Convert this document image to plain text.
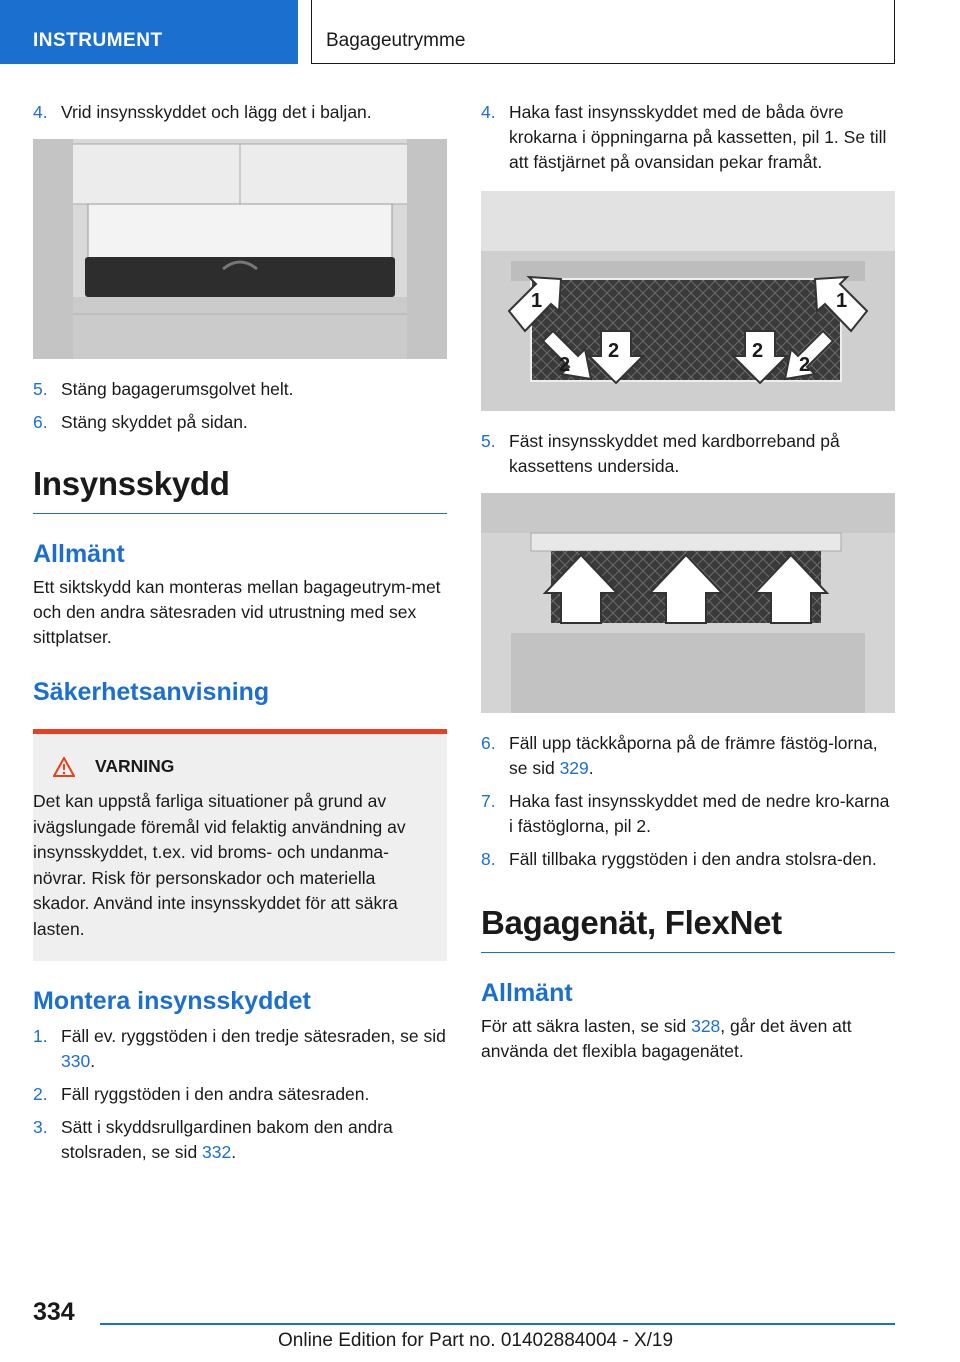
INSTRUMENT	Bagageutrymme
4. Vrid insynsskyddet och lägg det i baljan.
5. Stäng bagagerumsgolvet helt.
6. Stäng skyddet på sidan.
Insynsskydd
Allmänt

Ett siktskydd kan monteras mellan bagageutrym-met och den andra sätesraden vid utrustning med sex sittplatser.

Säkerhetsanvisning
VARNING
Det kan uppstå farliga situationer på grund av ivägslungade föremål vid felaktig användning av insynsskyddet, t.ex. vid broms- och undanma-növrar. Risk för personskador och materiella skador. Använd inte insynsskyddet för att säkra lasten.
Montera insynsskyddet
1. Fäll ev. ryggstöden i den tredje sätesraden, se sid 330.
2. Fäll ryggstöden i den andra sätesraden.
3. Sätt i skyddsrullgardinen bakom den andra stolsraden, se sid 332.
4. Haka fast insynsskyddet med de båda övre krokarna i öppningarna på kassetten, pil 1. Se till att fästjärnet på ovansidan pekar framåt.
1	1
2
2	2
2
5. Fäst insynsskyddet med kardborreband på kassettens undersida.
6. Fäll upp täckkåporna på de främre fästög-lorna, se sid 329.
7. Haka fast insynsskyddet med de nedre kro-karna i fästöglorna, pil 2.
8. Fäll tillbaka ryggstöden i den andra stolsra-den.
Bagagenät, FlexNet
Allmänt

För att säkra lasten, se sid 328, går det även att använda det flexibla bagagenätet.

334
Online Edition for Part no. 01402884004 - X/19
